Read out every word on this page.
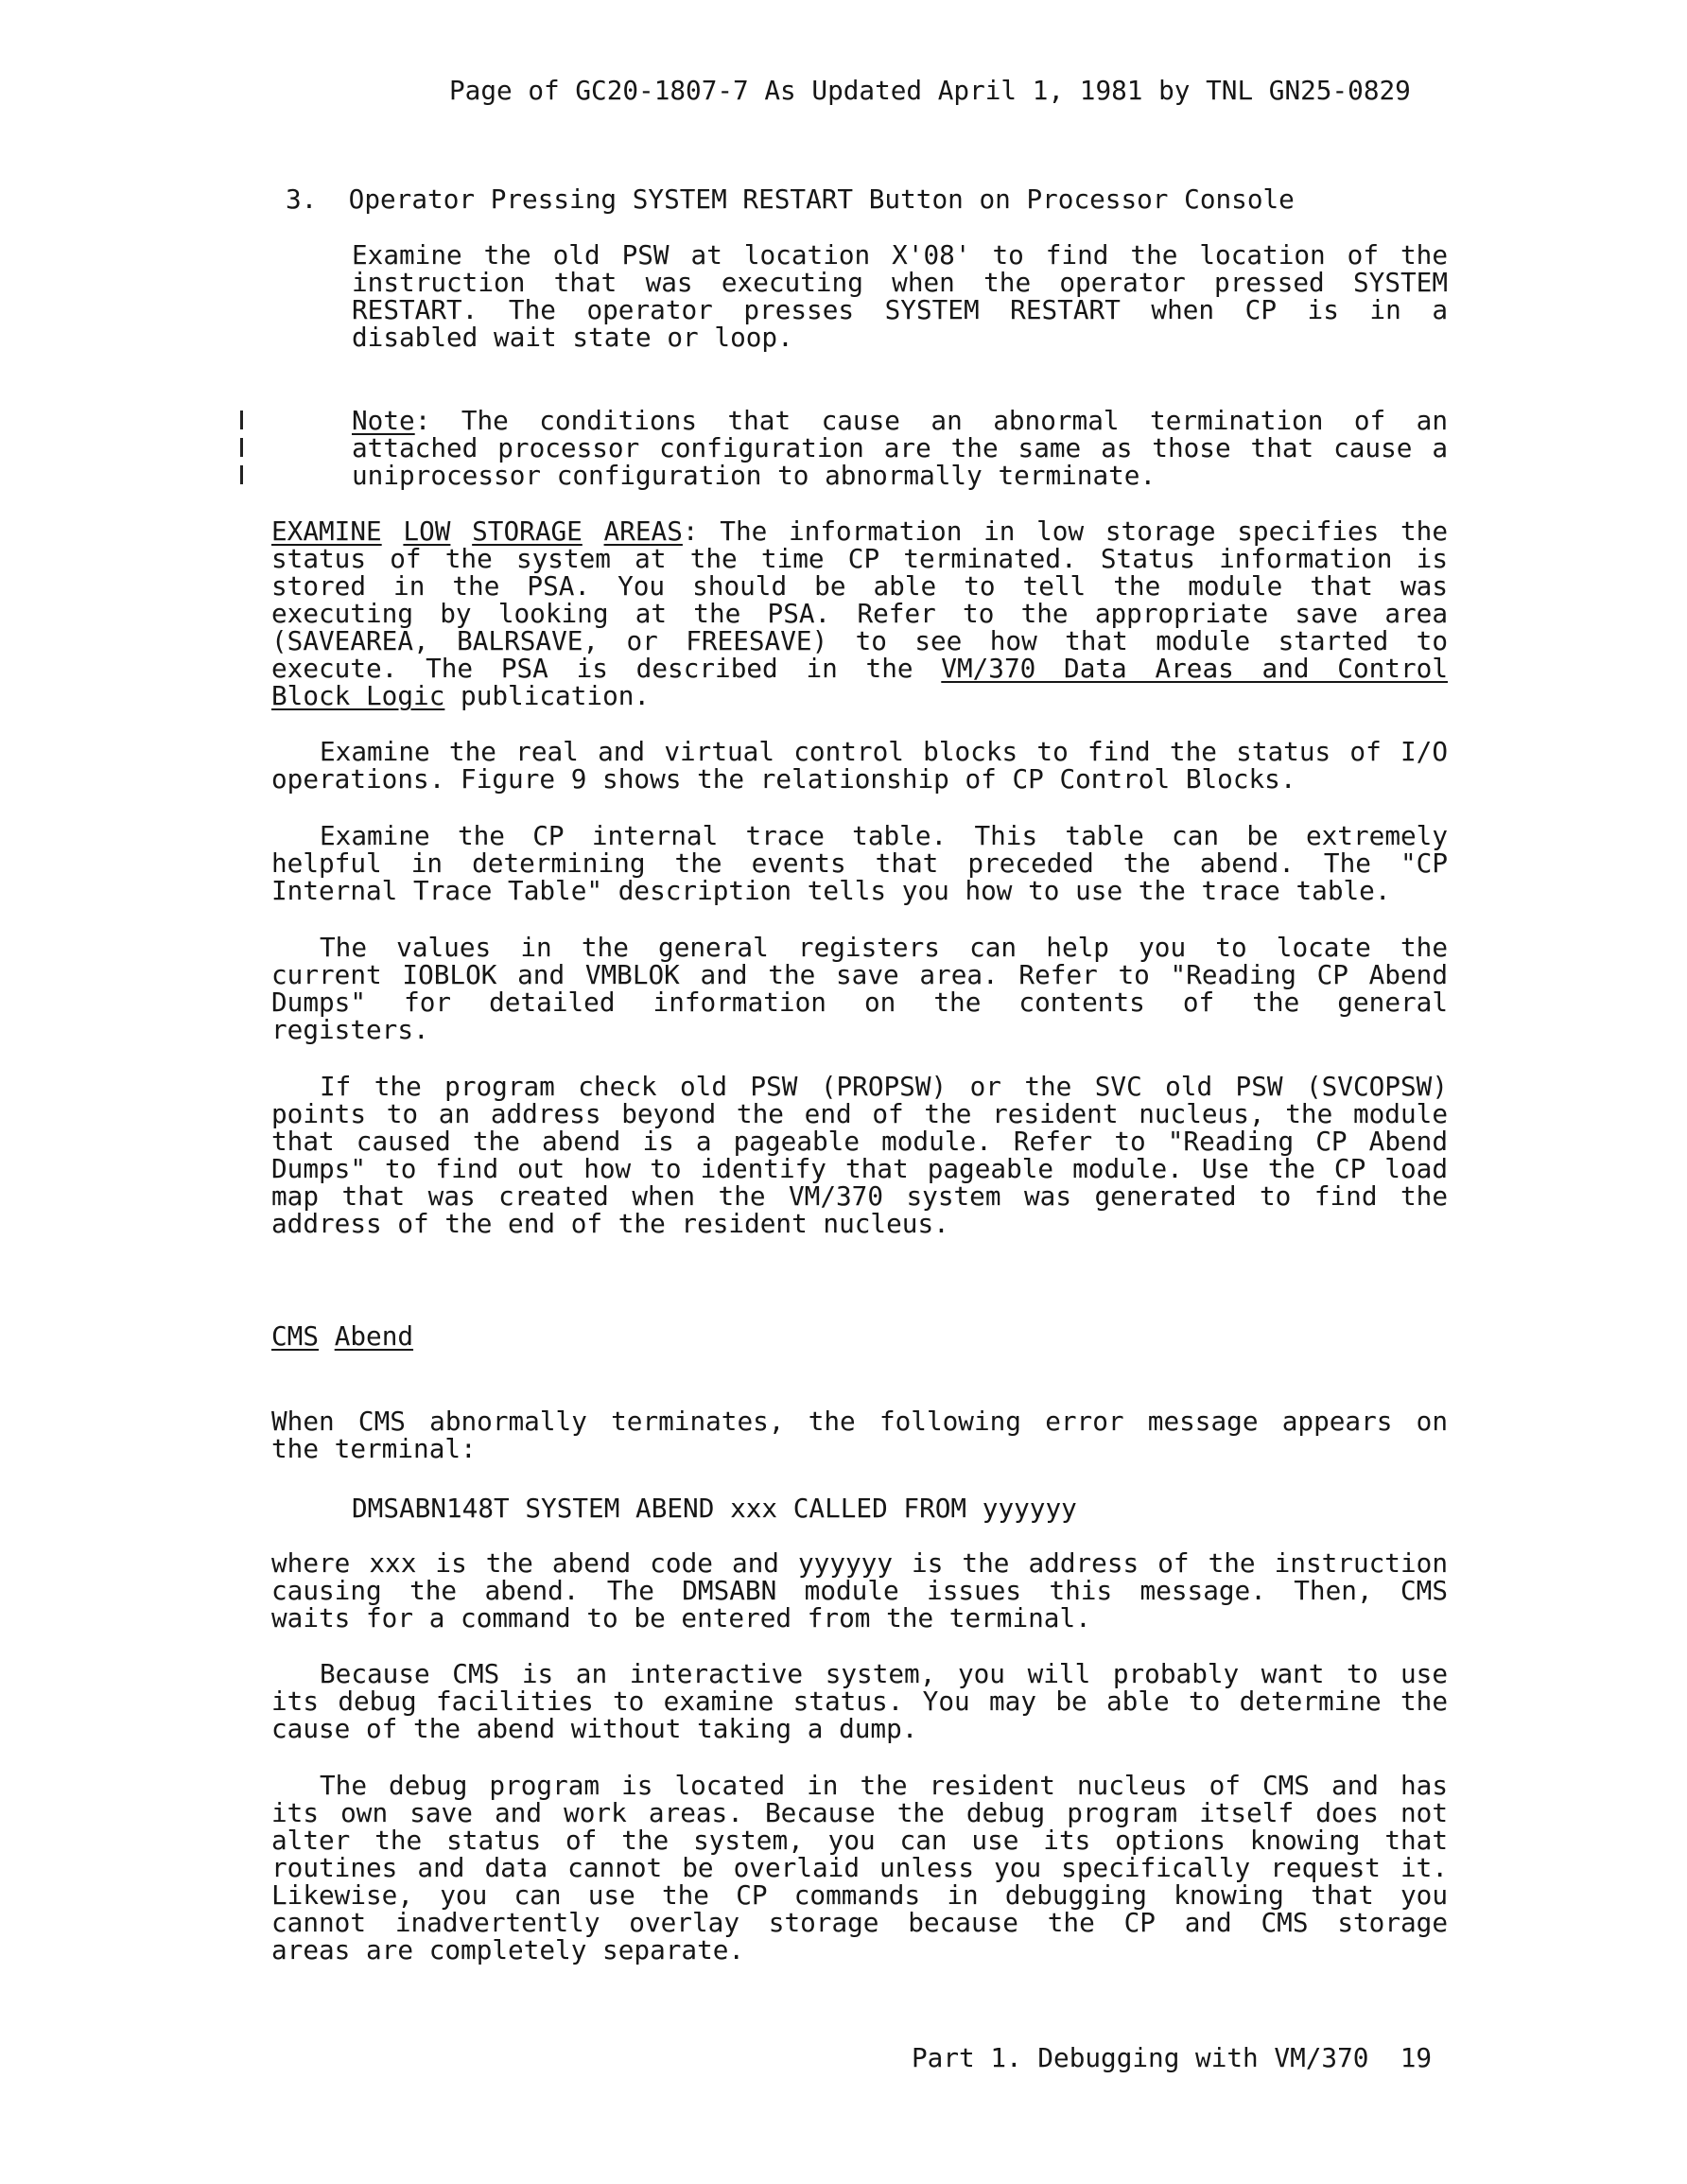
Page of GC20-1807-7 As Updated April 1, 1981 by TNL GN25-0829
3.  Operator Pressing SYSTEM RESTART Button on Processor Console
Examine the old PSW at location X'08' to find the location of the
instruction that was executing when the operator pressed SYSTEM
RESTART. The operator presses SYSTEM RESTART when CP is in a
disabled wait state or loop.
Note: The conditions that cause an abnormal termination of an
attached processor configuration are the same as those that cause a
uniprocessor configuration to abnormally terminate.
EXAMINE LOW STORAGE AREAS: The information in low storage specifies the
status of the system at the time CP terminated. Status information is
stored in the PSA. You should be able to tell the module that was
executing by looking at the PSA. Refer to the appropriate save area
(SAVEAREA, BALRSAVE, or FREESAVE) to see how that module started to
execute. The PSA is described in the VM/370 Data Areas and Control
Block Logic publication.
Examine the real and virtual control blocks to find the status of I/O
operations. Figure 9 shows the relationship of CP Control Blocks.
Examine the CP internal trace table. This table can be extremely
helpful in determining the events that preceded the abend. The "CP
Internal Trace Table" description tells you how to use the trace table.
The values in the general registers can help you to locate the
current IOBLOK and VMBLOK and the save area. Refer to "Reading CP Abend
Dumps" for detailed information on the contents of the general
registers.
If the program check old PSW (PROPSW) or the SVC old PSW (SVCOPSW)
points to an address beyond the end of the resident nucleus, the module
that caused the abend is a pageable module. Refer to "Reading CP Abend
Dumps" to find out how to identify that pageable module. Use the CP load
map that was created when the VM/370 system was generated to find the
address of the end of the resident nucleus.
CMS Abend
When CMS abnormally terminates, the following error message appears on
the terminal:
DMSABN148T SYSTEM ABEND xxx CALLED FROM yyyyyy
where xxx is the abend code and yyyyyy is the address of the instruction
causing the abend. The DMSABN module issues this message. Then, CMS
waits for a command to be entered from the terminal.
Because CMS is an interactive system, you will probably want to use
its debug facilities to examine status. You may be able to determine the
cause of the abend without taking a dump.
The debug program is located in the resident nucleus of CMS and has
its own save and work areas. Because the debug program itself does not
alter the status of the system, you can use its options knowing that
routines and data cannot be overlaid unless you specifically request it.
Likewise, you can use the CP commands in debugging knowing that you
cannot inadvertently overlay storage because the CP and CMS storage
areas are completely separate.
Part 1. Debugging with VM/370  19
